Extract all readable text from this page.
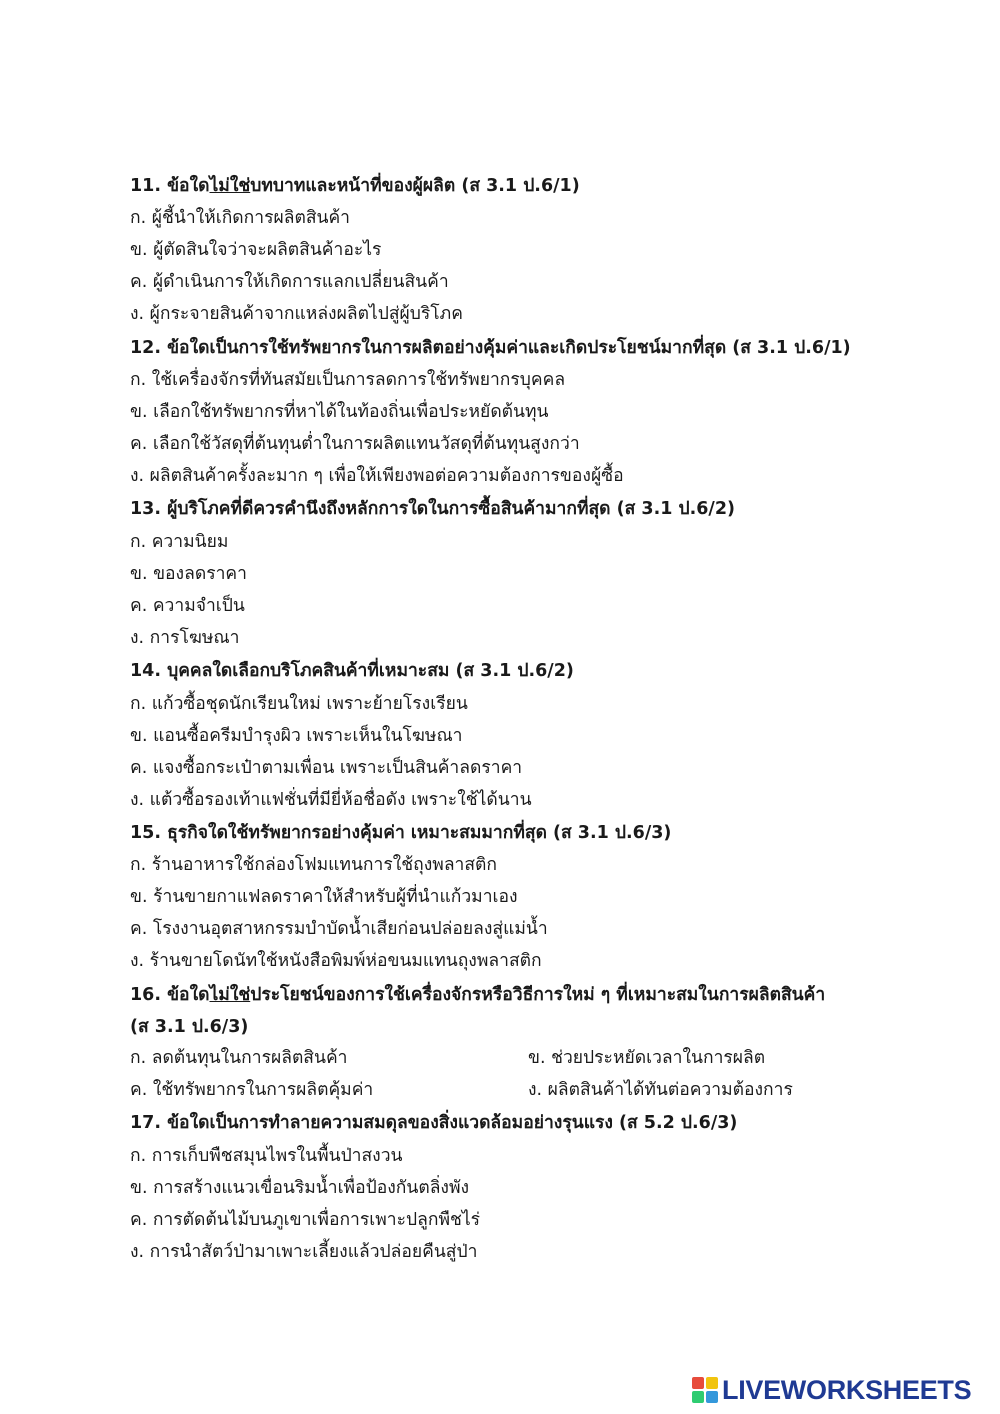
11. ข้อใดไม่ใช่บทบาทและหน้าที่ของผู้ผลิต (ส 3.1 ป.6/1)
ก. ผู้ชี้นำให้เกิดการผลิตสินค้า
ข. ผู้ตัดสินใจว่าจะผลิตสินค้าอะไร
ค. ผู้ดำเนินการให้เกิดการแลกเปลี่ยนสินค้า
ง. ผู้กระจายสินค้าจากแหล่งผลิตไปสู่ผู้บริโภค
12. ข้อใดเป็นการใช้ทรัพยากรในการผลิตอย่างคุ้มค่าและเกิดประโยชน์มากที่สุด (ส 3.1 ป.6/1)
ก. ใช้เครื่องจักรที่ทันสมัยเป็นการลดการใช้ทรัพยากรบุคคล
ข. เลือกใช้ทรัพยากรที่หาได้ในท้องถิ่นเพื่อประหยัดต้นทุน
ค. เลือกใช้วัสดุที่ต้นทุนต่ำในการผลิตแทนวัสดุที่ต้นทุนสูงกว่า
ง. ผลิตสินค้าครั้งละมาก ๆ เพื่อให้เพียงพอต่อความต้องการของผู้ซื้อ
13. ผู้บริโภคที่ดีควรคำนึงถึงหลักการใดในการซื้อสินค้ามากที่สุด (ส 3.1 ป.6/2)
ก. ความนิยม
ข. ของลดราคา
ค. ความจำเป็น
ง. การโฆษณา
14. บุคคลใดเลือกบริโภคสินค้าที่เหมาะสม (ส 3.1 ป.6/2)
ก. แก้วซื้อชุดนักเรียนใหม่ เพราะย้ายโรงเรียน
ข. แอนซื้อครีมบำรุงผิว เพราะเห็นในโฆษณา
ค. แจงซื้อกระเป๋าตามเพื่อน เพราะเป็นสินค้าลดราคา
ง. แต้วซื้อรองเท้าแฟชั่นที่มียี่ห้อชื่อดัง เพราะใช้ได้นาน
15. ธุรกิจใดใช้ทรัพยากรอย่างคุ้มค่า เหมาะสมมากที่สุด (ส 3.1 ป.6/3)
ก. ร้านอาหารใช้กล่องโฟมแทนการใช้ถุงพลาสติก
ข. ร้านขายกาแฟลดราคาให้สำหรับผู้ที่นำแก้วมาเอง
ค. โรงงานอุตสาหกรรมบำบัดน้ำเสียก่อนปล่อยลงสู่แม่น้ำ
ง. ร้านขายโดนัทใช้หนังสือพิมพ์ห่อขนมแทนถุงพลาสติก
16. ข้อใดไม่ใช่ประโยชน์ของการใช้เครื่องจักรหรือวิธีการใหม่ ๆ ที่เหมาะสมในการผลิตสินค้า
(ส 3.1 ป.6/3)
ก. ลดต้นทุนในการผลิตสินค้า	ข. ช่วยประหยัดเวลาในการผลิต
ค. ใช้ทรัพยากรในการผลิตคุ้มค่า	ง. ผลิตสินค้าได้ทันต่อความต้องการ
17. ข้อใดเป็นการทำลายความสมดุลของสิ่งแวดล้อมอย่างรุนแรง (ส 5.2 ป.6/3)
ก. การเก็บพืชสมุนไพรในพื้นป่าสงวน
ข. การสร้างแนวเขื่อนริมน้ำเพื่อป้องกันตลิ่งพัง
ค. การตัดต้นไม้บนภูเขาเพื่อการเพาะปลูกพืชไร่
ง. การนำสัตว์ป่ามาเพาะเลี้ยงแล้วปล่อยคืนสู่ป่า
LIVEWORKSHEETS
